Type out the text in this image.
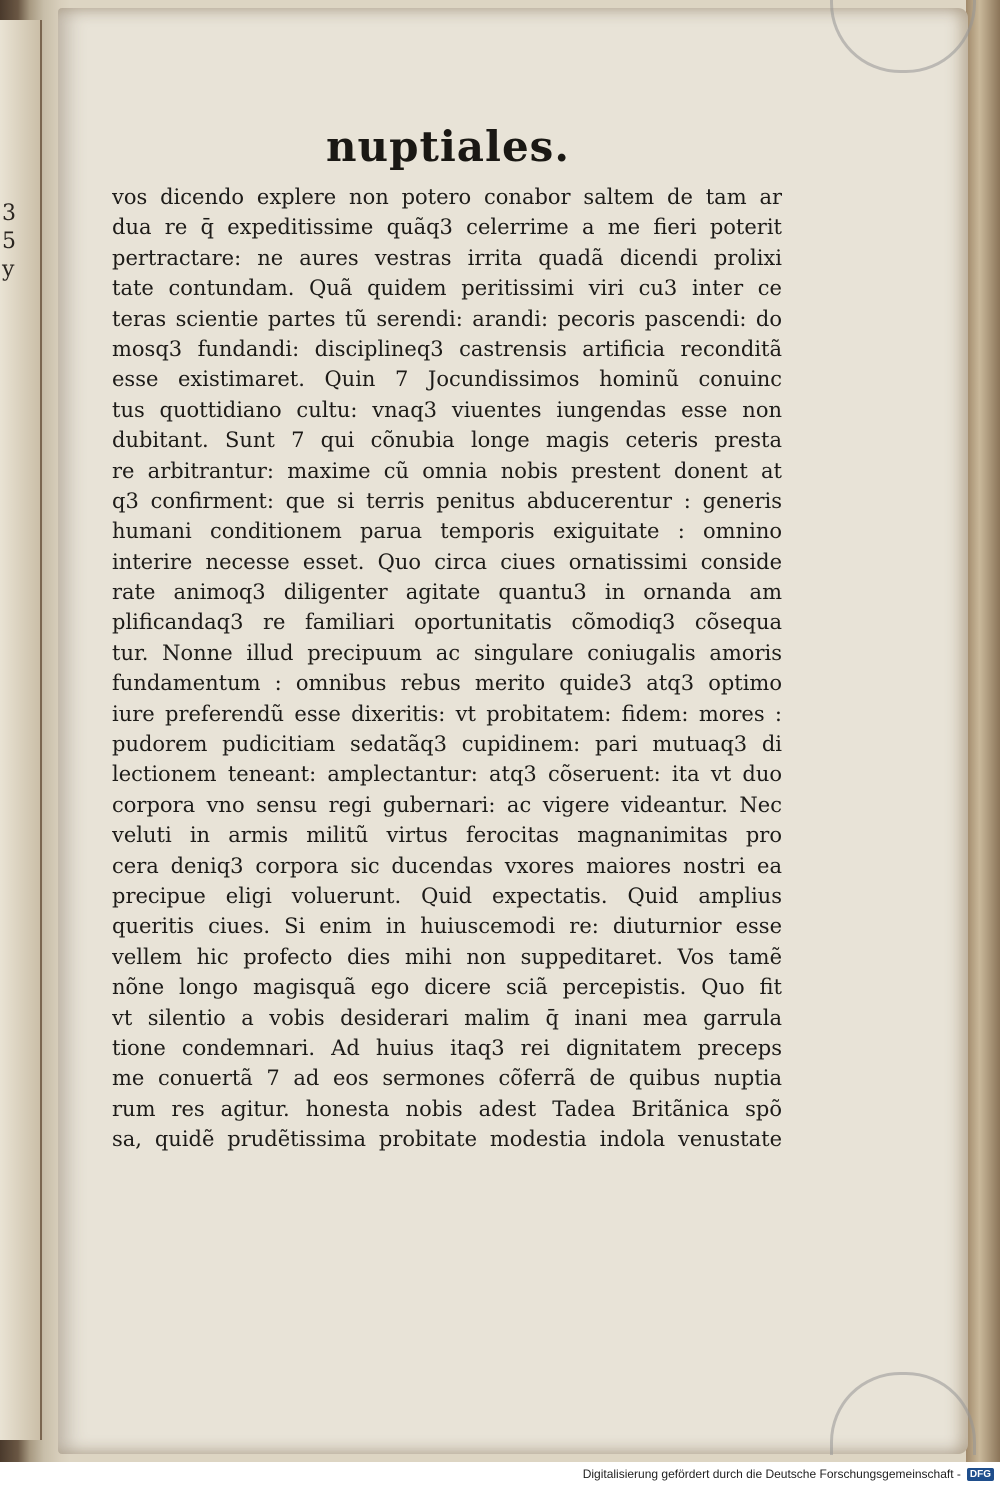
3
5
y
nuptiales.
vos dicendo explere non potero conabor saltem de tam ar
dua re q̄ expeditissime quãq3 celerrime a me fieri poterit
pertractare: ne aures vestras irrita quadã dicendi prolixi
tate contundam. Quã quidem peritissimi viri cu3 inter ce
teras scientie partes tũ serendi: arandi: pecoris pascendi: do
mosq3 fundandi: disciplineq3 castrensis artificia reconditã
esse existimaret. Quin 7 Jocundissimos hominũ conuinc
tus quottidiano cultu: vnaq3 viuentes iungendas esse non
dubitant. Sunt 7 qui cõnubia longe magis ceteris presta
re arbitrantur: maxime cũ omnia nobis prestent donent at
q3 confirment: que si terris penitus abducerentur : generis
humani conditionem parua temporis exiguitate : omnino
interire necesse esset. Quo circa ciues ornatissimi conside
rate animoq3 diligenter agitate quantu3 in ornanda am
plificandaq3 re familiari oportunitatis cõmodiq3 cõsequa
tur. Nonne illud precipuum ac singulare coniugalis amoris
fundamentum : omnibus rebus merito quide3 atq3 optimo
iure preferendũ esse dixeritis: vt probitatem: fidem: mores :
pudorem pudicitiam sedatãq3 cupidinem: pari mutuaq3 di
lectionem teneant: amplectantur: atq3 cõseruent: ita vt duo
corpora vno sensu regi gubernari: ac vigere videantur. Nec
veluti in armis militũ virtus ferocitas magnanimitas pro
cera deniq3 corpora sic ducendas vxores maiores nostri ea
precipue eligi voluerunt. Quid expectatis. Quid amplius
queritis ciues. Si enim in huiuscemodi re: diuturnior esse
vellem hic profecto dies mihi non suppeditaret. Vos tamẽ
nõne longo magisquã ego dicere sciã percepistis. Quo fit
vt silentio a vobis desiderari malim q̄ inani mea garrula
tione condemnari. Ad huius itaq3 rei dignitatem preceps
me conuertã 7 ad eos sermones cõferrã de quibus nuptia
rum res agitur. honesta nobis adest Tadea Britãnica spõ
sa, quidẽ prudẽtissima probitate modestia indola venustate
Digitalisierung gefördert durch die Deutsche Forschungsgemeinschaft - DFG
